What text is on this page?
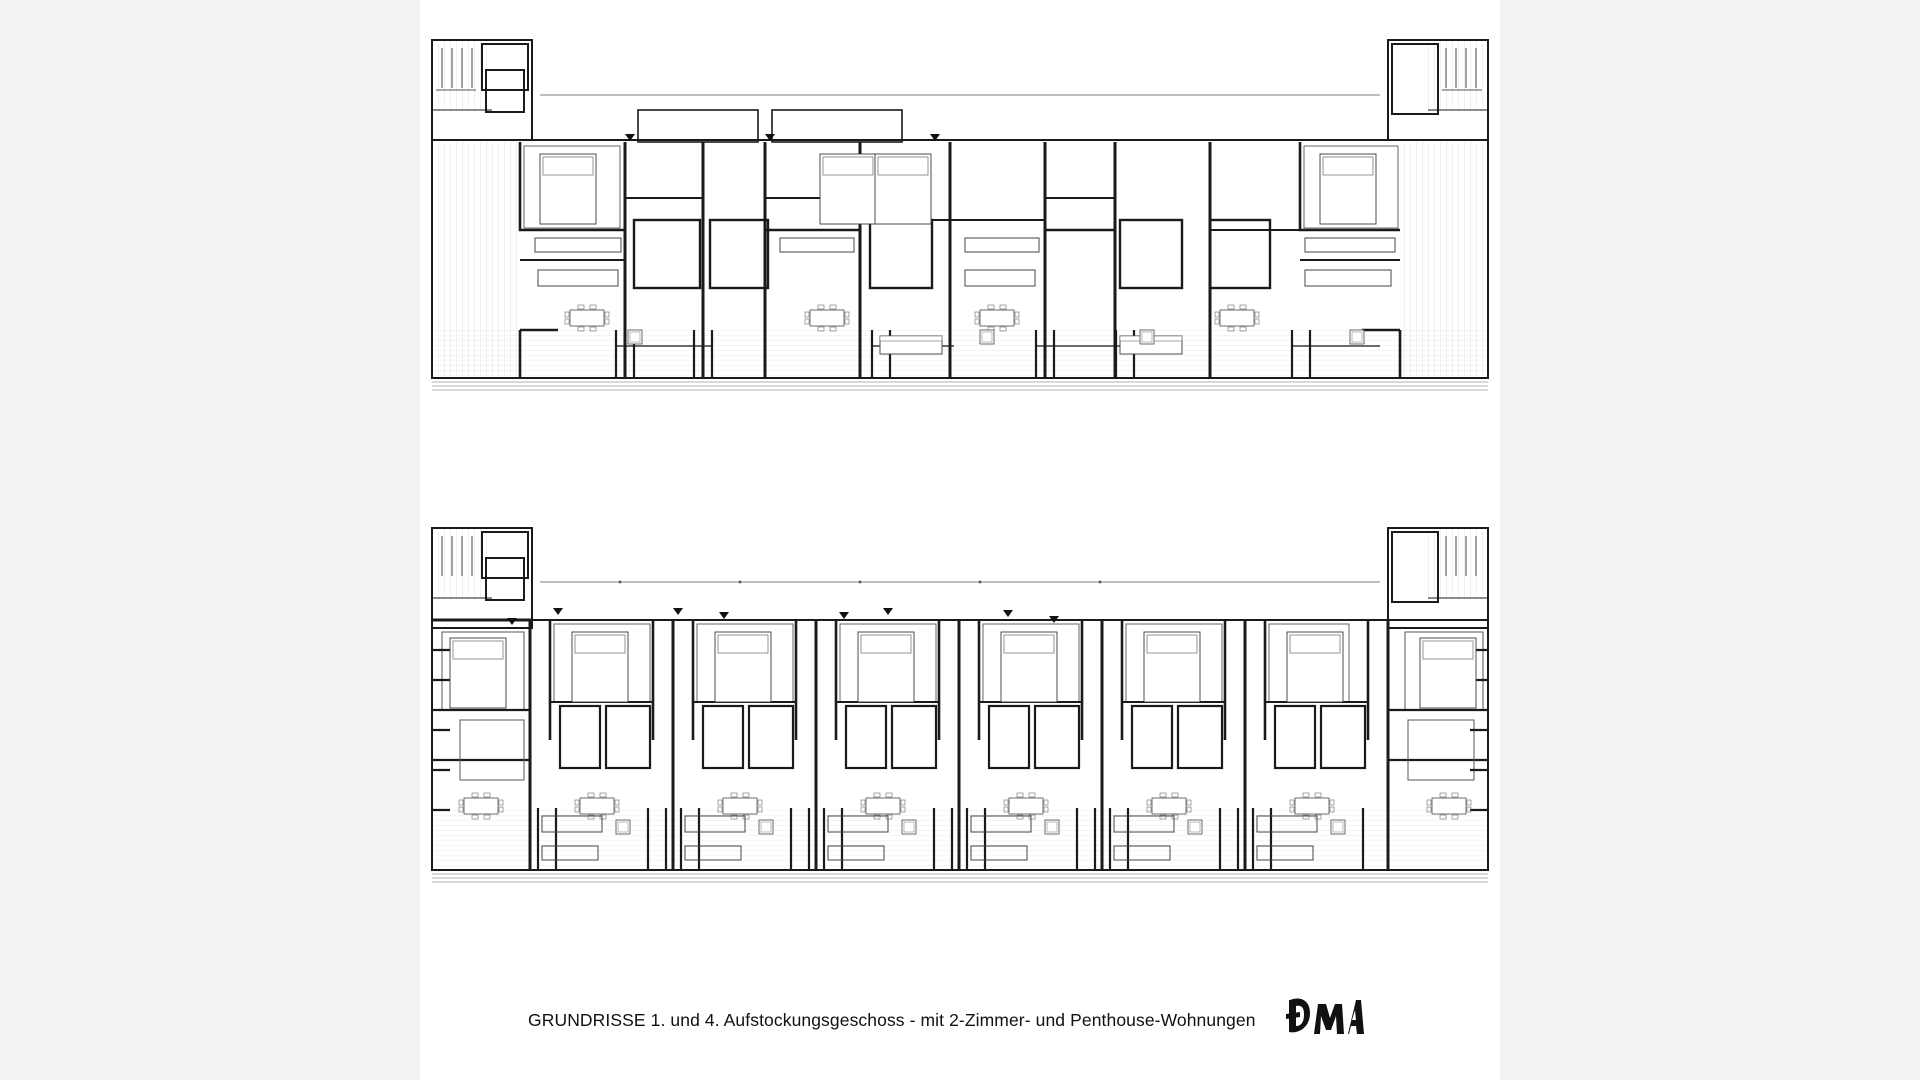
GRUNDRISSE 1. und 4. Aufstockungsgeschoss - mit 2-Zimmer- und Penthouse-Wohnungen
